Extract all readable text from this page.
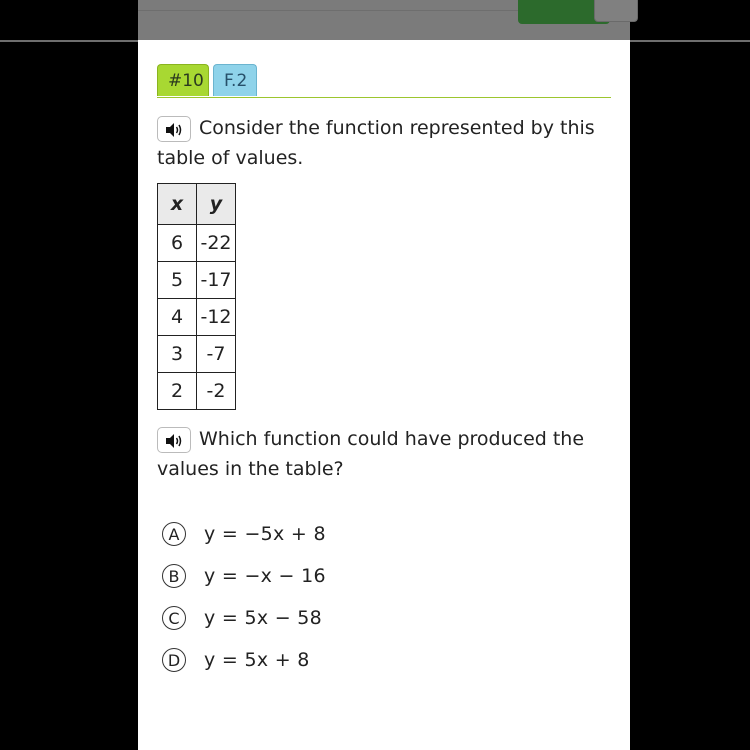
#10	F.2
Consider the function represented by this table of values.
x	y
6	-22
5	-17
4	-12
3	-7
2	-2
Which function could have produced the values in the table?
A	y = −5x + 8
B	y = −x − 16
C	y = 5x − 58
D	y = 5x + 8
